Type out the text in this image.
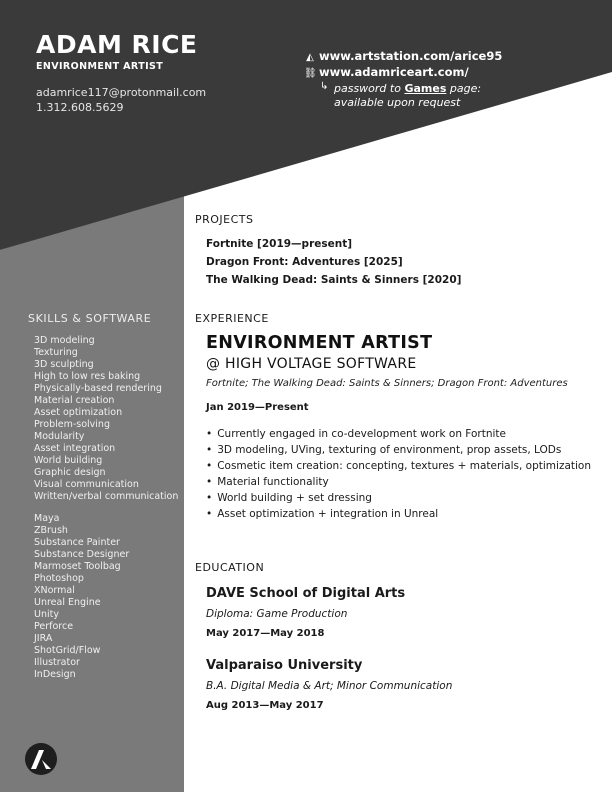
ADAM RICE
ENVIRONMENT ARTIST
adamrice117@protonmail.com
1.312.608.5629
◭ www.artstation.com/arice95
⛓ www.adamriceart.com/
↳ password to Games page:
available upon request
SKILLS & SOFTWARE
3D modeling
Texturing
3D sculpting
High to low res baking
Physically-based rendering
Material creation
Asset optimization
Problem-solving
Modularity
Asset integration
World building
Graphic design
Visual communication
Written/verbal communication
Maya
ZBrush
Substance Painter
Substance Designer
Marmoset Toolbag
Photoshop
XNormal
Unreal Engine
Unity
Perforce
JIRA
ShotGrid/Flow
Illustrator
InDesign
PROJECTS
Fortnite [2019—present]
Dragon Front: Adventures [2025]
The Walking Dead: Saints & Sinners [2020]
EXPERIENCE
ENVIRONMENT ARTIST
@ HIGH VOLTAGE SOFTWARE
Fortnite; The Walking Dead: Saints & Sinners; Dragon Front: Adventures
Jan 2019—Present
• Currently engaged in co-development work on Fortnite
• 3D modeling, UVing, texturing of environment, prop assets, LODs
• Cosmetic item creation: concepting, textures + materials, optimization
• Material functionality
• World building + set dressing
• Asset optimization + integration in Unreal
EDUCATION
DAVE School of Digital Arts
Diploma: Game Production
May 2017—May 2018
Valparaiso University
B.A. Digital Media & Art; Minor Communication
Aug 2013—May 2017
